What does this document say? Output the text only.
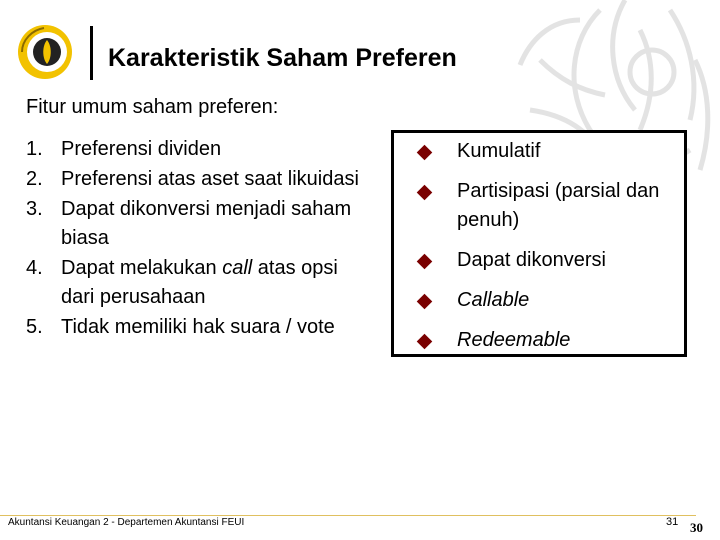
Karakteristik Saham Preferen
Fitur umum saham preferen:
1. Preferensi dividen
2. Preferensi atas aset saat likuidasi
3. Dapat dikonversi menjadi saham biasa
4. Dapat melakukan call atas opsi dari perusahaan
5. Tidak memiliki hak suara / vote
Kumulatif
Partisipasi (parsial dan penuh)
Dapat dikonversi
Callable
Redeemable
Akuntansi Keuangan 2 - Departemen Akuntansi FEUI	31 30
